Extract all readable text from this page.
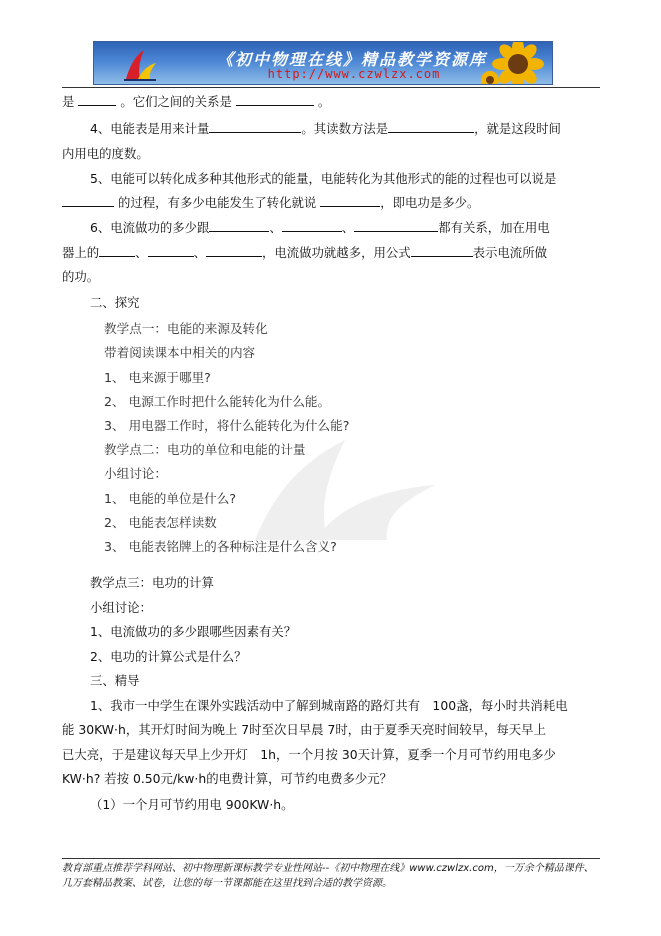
《初中物理在线》精品教学资源库
http://www.czwlzx.com
是	。它们之间的关系是	。
4、电能表是用来计量	。其读数方法是	，就是这段时间
内用电的度数。
5、电能可以转化成多种其他形式的能量，电能转化为其他形式的能的过程也可以说是
的过程，有多少电能发生了转化就说	，即电功是多少。
6、电流做功的多少跟	、	、	都有关系，加在用电
器上的	、	、	，电流做功就越多，用公式	表示电流所做
的功。
二、探究
教学点一：电能的来源及转化
带着阅读课本中相关的内容
1、 电来源于哪里?
2、 电源工作时把什么能转化为什么能。
3、 用电器工作时，将什么能转化为什么能?
教学点二：电功的单位和电能的计量
小组讨论：
1、 电能的单位是什么?
2、 电能表怎样读数
3、 电能表铭牌上的各种标注是什么含义?
教学点三：电功的计算
小组讨论：
1、电流做功的多少跟哪些因素有关？
2、电功的计算公式是什么？
三、精导
1、我市一中学生在课外实践活动中了解到城南路的路灯共有　100盏，每小时共消耗电
能 30KW·h，其开灯时间为晚上 7时至次日早晨 7时，由于夏季天亮时间较早，每天早上
已大亮，于是建议每天早上少开灯　1h，一个月按 30天计算，夏季一个月可节约用电多少
KW·h? 若按 0.50元/kw·h的电费计算，可节约电费多少元？
（1）一个月可节约用电 900KW·h。
教育部重点推荐学科网站、初中物理新课标教学专业性网站--《初中物理在线》www.czwlzx.com，一万余个精品课件、
几万套精品教案、试卷，让您的每一节课都能在这里找到合适的教学资源。
